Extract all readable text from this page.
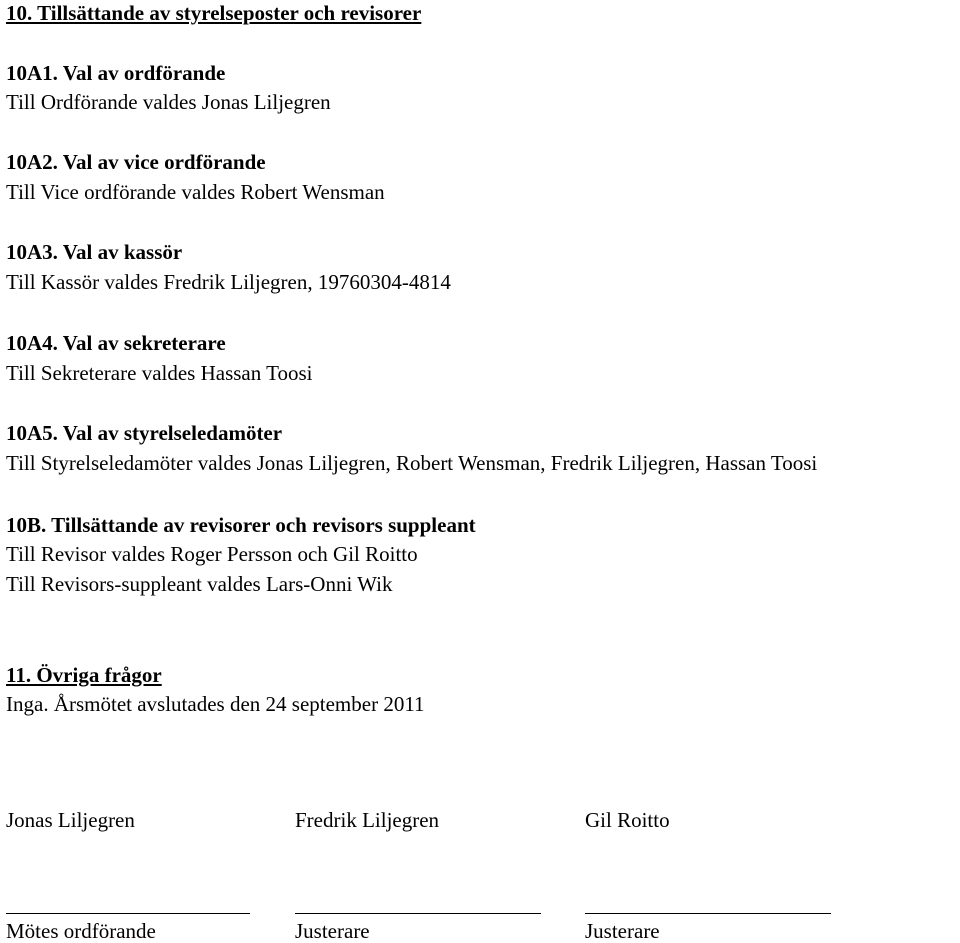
10. Tillsättande av styrelseposter och revisorer
10A1. Val av ordförande
Till Ordförande valdes Jonas Liljegren
10A2. Val av vice ordförande
Till Vice ordförande valdes Robert Wensman
10A3. Val av kassör
Till Kassör valdes Fredrik Liljegren, 19760304-4814
10A4. Val av sekreterare
Till Sekreterare valdes Hassan Toosi
10A5. Val av styrelseledamöter
Till Styrelseledamöter valdes Jonas Liljegren, Robert Wensman, Fredrik Liljegren, Hassan Toosi
10B. Tillsättande av revisorer och revisors suppleant
Till Revisor valdes Roger Persson och Gil Roitto
Till Revisors-suppleant valdes Lars-Onni Wik
11. Övriga frågor
Inga. Årsmötet avslutades den 24 september 2011
Jonas Liljegren	Fredrik Liljegren	Gil Roitto
Mötes ordförande	Justerare	Justerare
